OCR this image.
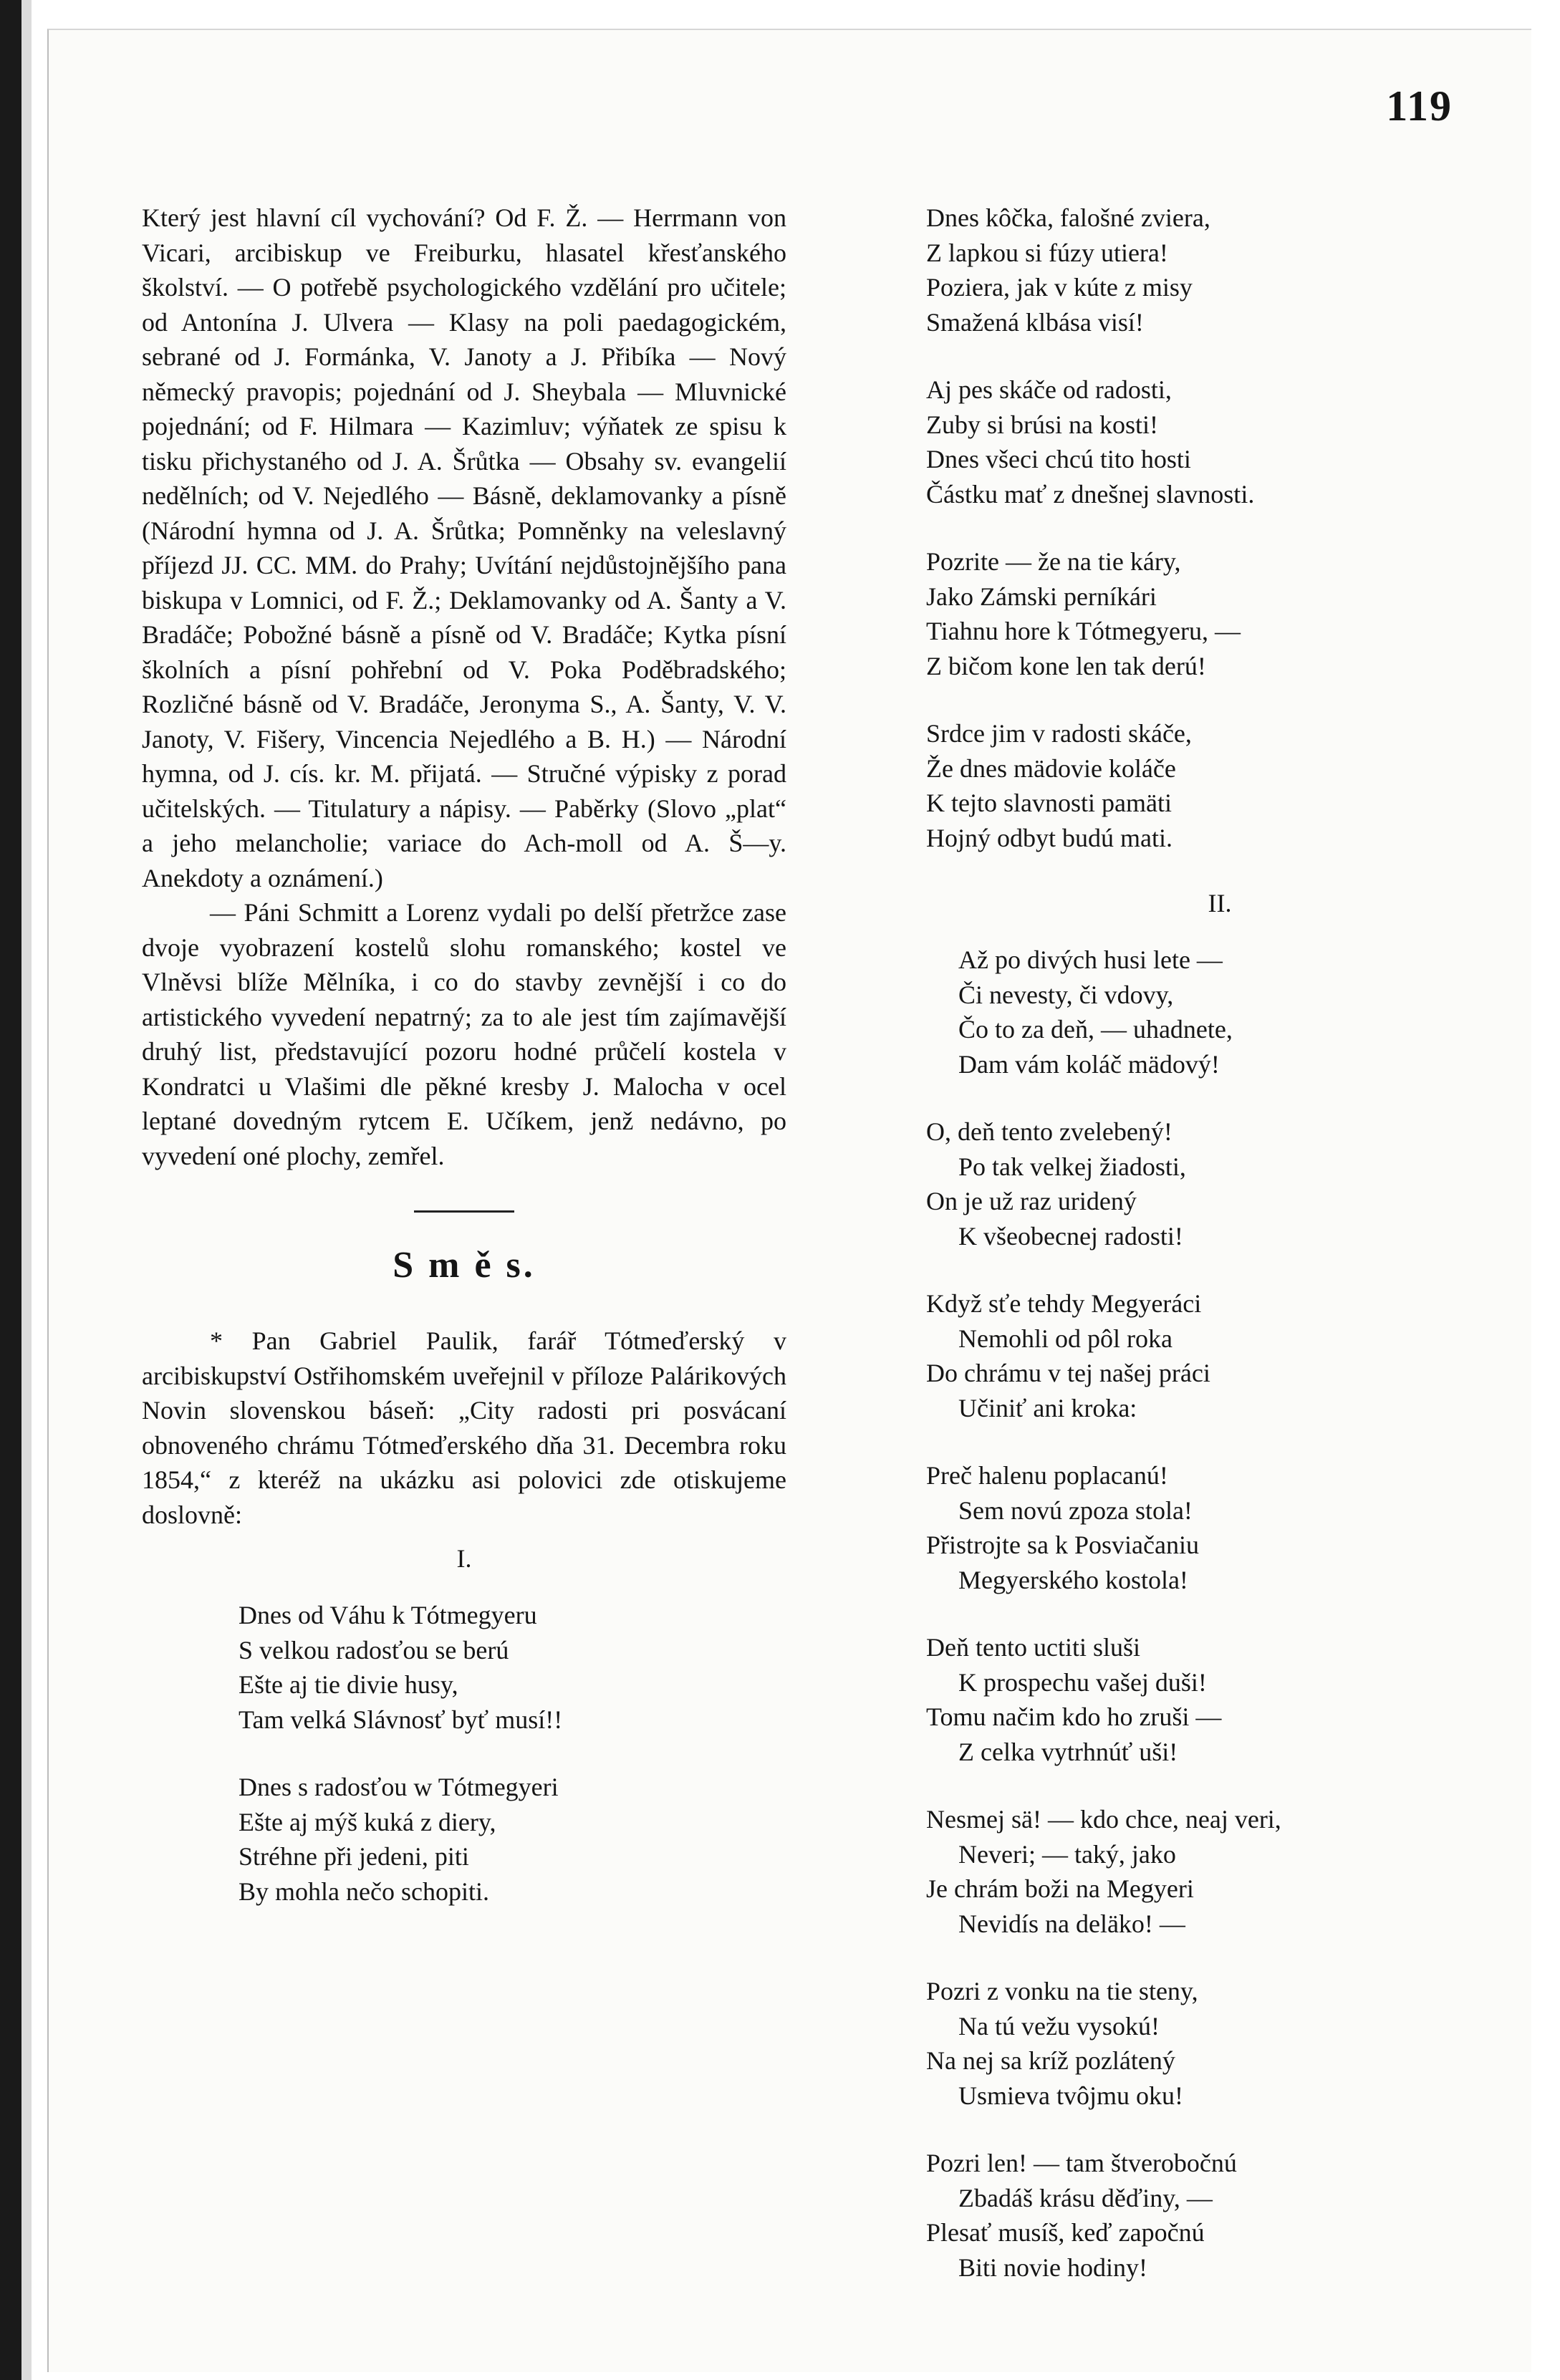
119

Který jest hlavní cíl vychování? Od F. Ž. — Herrmann von Vicari, arcibiskup ve Freiburku, hlasatel křesťanského školství. — O potřebě psychologického vzdělání pro učitele; od Antonína J. Ulvera — Klasy na poli paedagogickém, sebrané od J. Formánka, V. Janoty a J. Přibíka — Nový německý pravopis; pojednání od J. Sheybala — Mluvnické pojednání; od F. Hilmara — Kazimluv; výňatek ze spisu k tisku přichystaného od J. A. Šrůtka — Obsahy sv. evangelií nedělních; od V. Nejedlého — Básně, deklamovanky a písně (Národní hymna od J. A. Šrůtka; Pomněnky na veleslavný příjezd JJ. CC. MM. do Prahy; Uvítání nejdůstojnějšího pana biskupa v Lomnici, od F. Ž.; Deklamovanky od A. Šanty a V. Bradáče; Pobožné básně a písně od V. Bradáče; Kytka písní školních a písní pohřební od V. Poka Poděbradského; Rozličné básně od V. Bradáče, Jeronyma S., A. Šanty, V. V. Janoty, V. Fišery, Vincencia Nejedlého a B. H.) — Národní hymna, od J. cís. kr. M. přijatá. — Stručné výpisky z porad učitelských. — Titulatury a nápisy. — Paběrky (Slovo „plat“ a jeho melancholie; variace do Ach-moll od A. Š—y. Anekdoty a oznámení.)

— Páni Schmitt a Lorenz vydali po delší přetržce zase dvoje vyobrazení kostelů slohu romanského; kostel ve Vlněvsi blíže Mělníka, i co do stavby zevnější i co do artistického vyvedení nepatrný; za to ale jest tím zajímavější druhý list, představující pozoru hodné průčelí kostela v Kondratci u Vlašimi dle pěkné kresby J. Malocha v ocel leptané dovedným rytcem E. Učíkem, jenž nedávno, po vyvedení oné plochy, zemřel.

S m ě s.

* Pan Gabriel Paulik, farář Tótmeďerský v arcibiskupství Ostřihomském uveřejnil v příloze Palárikových Novin slovenskou báseň: „City radosti pri posvácaní obnoveného chrámu Tótmeďerského dňa 31. Decembra roku 1854,“ z kteréž na ukázku asi polovici zde otiskujeme doslovně:

I.
Dnes od Váhu k Tótmegyeru
S velkou radosťou se berú
Ešte aj tie divie husy,
Tam velká Slávnosť byť musí!!
Dnes s radosťou w Tótmegyeri
Ešte aj mýš kuká z diery,
Stréhne při jedeni, piti
By mohla nečo schopiti.
Dnes kôčka, falošné zviera,
Z lapkou si fúzy utiera!
Poziera, jak v kúte z misy
Smažená klbása visí!
Aj pes skáče od radosti,
Zuby si brúsi na kosti!
Dnes všeci chcú tito hosti
Částku mať z dnešnej slavnosti.
Pozrite — že na tie káry,
Jako Zámski perníkári
Tiahnu hore k Tótmegyeru, —
Z bičom kone len tak derú!
Srdce jim v radosti skáče,
Že dnes mädovie koláče
K tejto slavnosti pamäti
Hojný odbyt budú mati.
II.
Až po divých husi lete —
Či nevesty, či vdovy,
Čo to za deň, — uhadnete,
Dam vám koláč mädový!
O, deň tento zvelebený!
Po tak velkej žiadosti,
On je už raz uridený
K všeobecnej radosti!
Když sťe tehdy Megyeráci
Nemohli od pôl roka
Do chrámu v tej našej práci
Učiniť ani kroka:
Preč halenu poplacanú!
Sem novú zpoza stola!
Přistrojte sa k Posviačaniu
Megyerského kostola!
Deň tento uctiti sluši
K prospechu vašej duši!
Tomu načim kdo ho zruši —
Z celka vytrhnúť uši!
Nesmej sä! — kdo chce, neaj veri,
Neveri; — taký, jako
Je chrám boži na Megyeri
Nevidís na deläko! —
Pozri z vonku na tie steny,
Na tú vežu vysokú!
Na nej sa kríž pozlátený
Usmieva tvôjmu oku!
Pozri len! — tam štverobočnú
Zbadáš krásu děďiny, —
Plesať musíš, keď započnú
Biti novie hodiny!
